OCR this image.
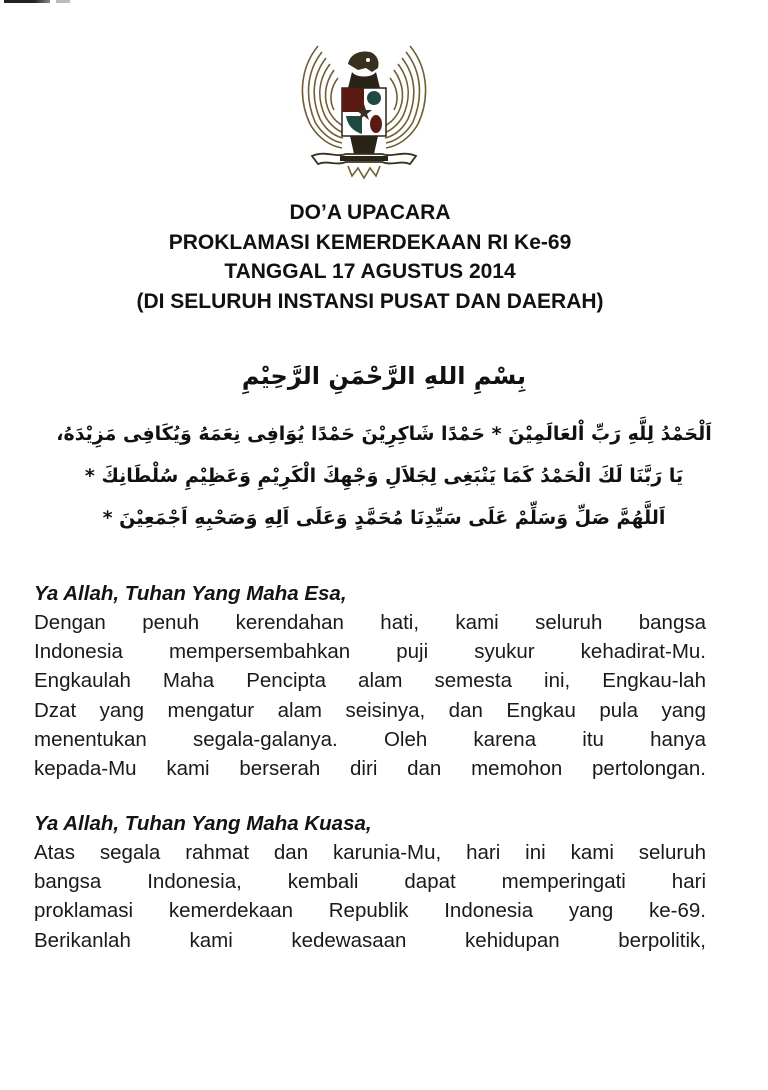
DO’A UPACARA
PROKLAMASI KEMERDEKAAN RI Ke-69
TANGGAL 17 AGUSTUS 2014
(DI SELURUH INSTANSI PUSAT DAN DAERAH)
بِسْمِ اللهِ الرَّحْمَنِ الرَّحِيْمِ
اَلْحَمْدُ لِلَّهِ رَبِّ اْلعَالَمِيْنَ * حَمْدًا شَاكِرِيْنَ حَمْدًا يُوَافِى نِعَمَهُ وَيُكَافِى مَزِيْدَهُ،
يَا رَبَّنَا لَكَ الْحَمْدُ كَمَا يَنْبَغِى لِجَلاَلِ وَجْهِكَ الْكَرِيْمِ وَعَظِيْمِ سُلْطَانِكَ *
اَللَّهُمَّ صَلِّ وَسَلِّمْ عَلَى سَيِّدِنَا مُحَمَّدٍ وَعَلَى اَلِهِ وَصَحْبِهِ اَجْمَعِيْنَ *
Ya Allah, Tuhan Yang Maha Esa,
Dengan penuh kerendahan hati, kami seluruh bangsa
Indonesia mempersembahkan puji syukur kehadirat-Mu.
Engkaulah Maha Pencipta alam semesta ini, Engkau-lah
Dzat yang mengatur alam seisinya, dan Engkau pula yang
menentukan segala-galanya. Oleh karena itu hanya
kepada-Mu kami berserah diri dan memohon pertolongan.
Ya Allah, Tuhan Yang Maha Kuasa,
Atas segala rahmat dan karunia-Mu, hari ini kami seluruh
bangsa Indonesia, kembali dapat memperingati hari
proklamasi kemerdekaan Republik Indonesia yang ke-69.
Berikanlah kami kedewasaan kehidupan berpolitik,
